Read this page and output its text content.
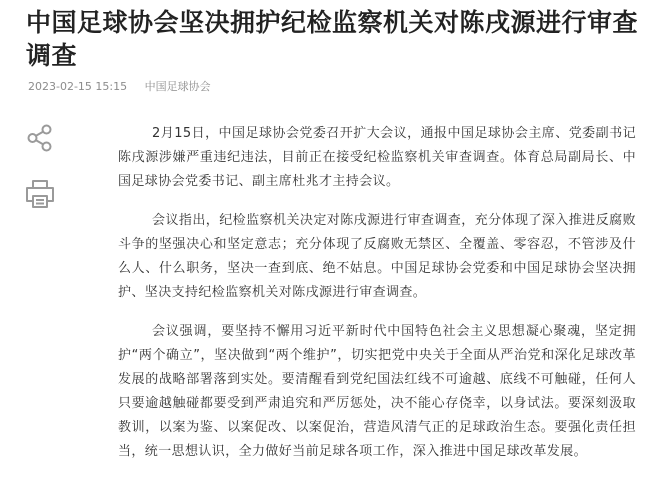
中国足球协会坚决拥护纪检监察机关对陈戌源进行审查调查
2023-02-15 15:15 中国足球协会

2月15日，中国足球协会党委召开扩大会议，通报中国足球协会主席、党委副书记陈戌源涉嫌严重违纪违法，目前正在接受纪检监察机关审查调查。体育总局副局长、中国足球协会党委书记、副主席杜兆才主持会议。

会议指出，纪检监察机关决定对陈戌源进行审查调查，充分体现了深入推进反腐败斗争的坚强决心和坚定意志；充分体现了反腐败无禁区、全覆盖、零容忍，不管涉及什么人、什么职务，坚决一查到底、绝不姑息。中国足球协会党委和中国足球协会坚决拥护、坚决支持纪检监察机关对陈戌源进行审查调查。

会议强调，要坚持不懈用习近平新时代中国特色社会主义思想凝心聚魂，坚定拥护“两个确立”，坚决做到“两个维护”，切实把党中央关于全面从严治党和深化足球改革发展的战略部署落到实处。要清醒看到党纪国法红线不可逾越、底线不可触碰，任何人只要逾越触碰都要受到严肃追究和严厉惩处，决不能心存侥幸，以身试法。要深刻汲取教训，以案为鉴、以案促改、以案促治，营造风清气正的足球政治生态。要强化责任担当，统一思想认识，全力做好当前足球各项工作，深入推进中国足球改革发展。
